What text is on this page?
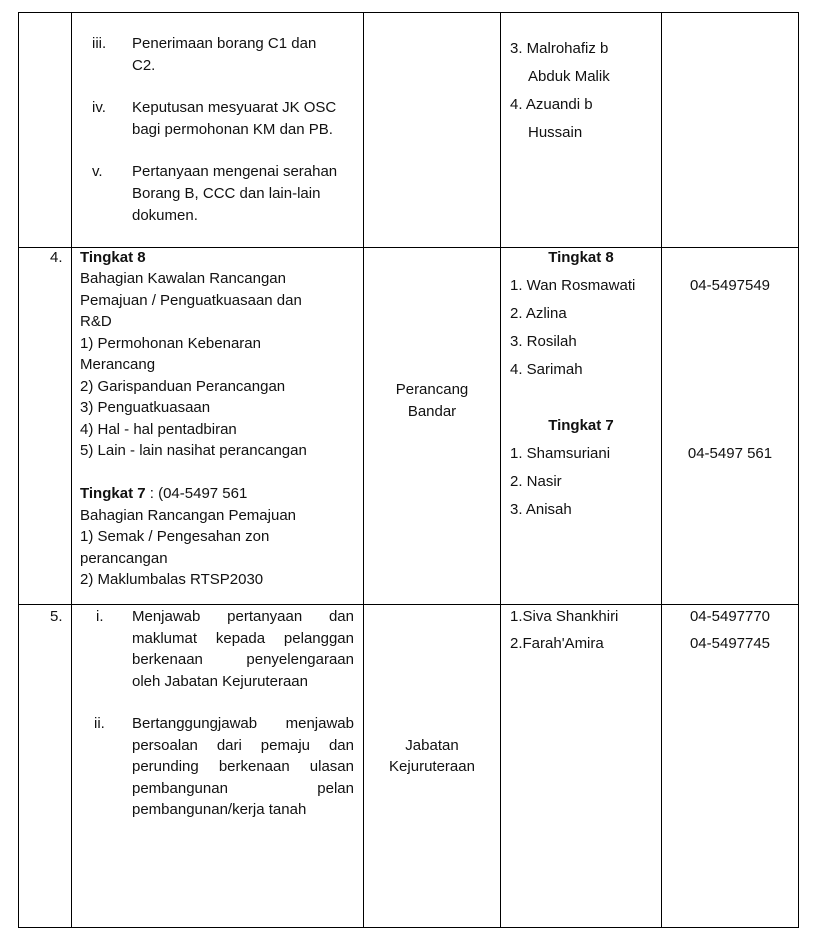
iii. Penerimaan borang C1 dan
C2.
iv. Keputusan mesyuarat JK OSC
bagi permohonan KM dan PB.
v. Pertanyaan mengenai serahan
Borang B, CCC dan lain-lain
dokumen.
3. Malrohafiz b
Abduk Malik
4. Azuandi b
Hussain
4. Tingkat 8
Bahagian Kawalan Rancangan
Pemajuan / Penguatkuasaan dan
R&D
1) Permohonan Kebenaran
Merancang
2) Garispanduan Perancangan
3) Penguatkuasaan
4) Hal - hal pentadbiran
5) Lain - lain nasihat perancangan
Tingkat 7 : (04-5497 561
Bahagian Rancangan Pemajuan
1) Semak / Pengesahan zon
perancangan
2) Maklumbalas RTSP2030
Perancang
Bandar
Tingkat 8
1. Wan Rosmawati
2. Azlina
3. Rosilah
4. Sarimah
Tingkat 7
1. Shamsuriani
2. Nasir
3. Anisah
04-5497549
04-5497 561
5. i. Menjawab pertanyaan dan
maklumat kepada pelanggan
berkenaan penyelengaraan
oleh Jabatan Kejuruteraan
ii. Bertanggungjawab menjawab
persoalan dari pemaju dan
perunding berkenaan ulasan
pembangunan pelan
pembangunan/kerja tanah
Jabatan
Kejuruteraan
1.Siva Shankhiri
2.Farah'Amira
04-5497770
04-5497745
